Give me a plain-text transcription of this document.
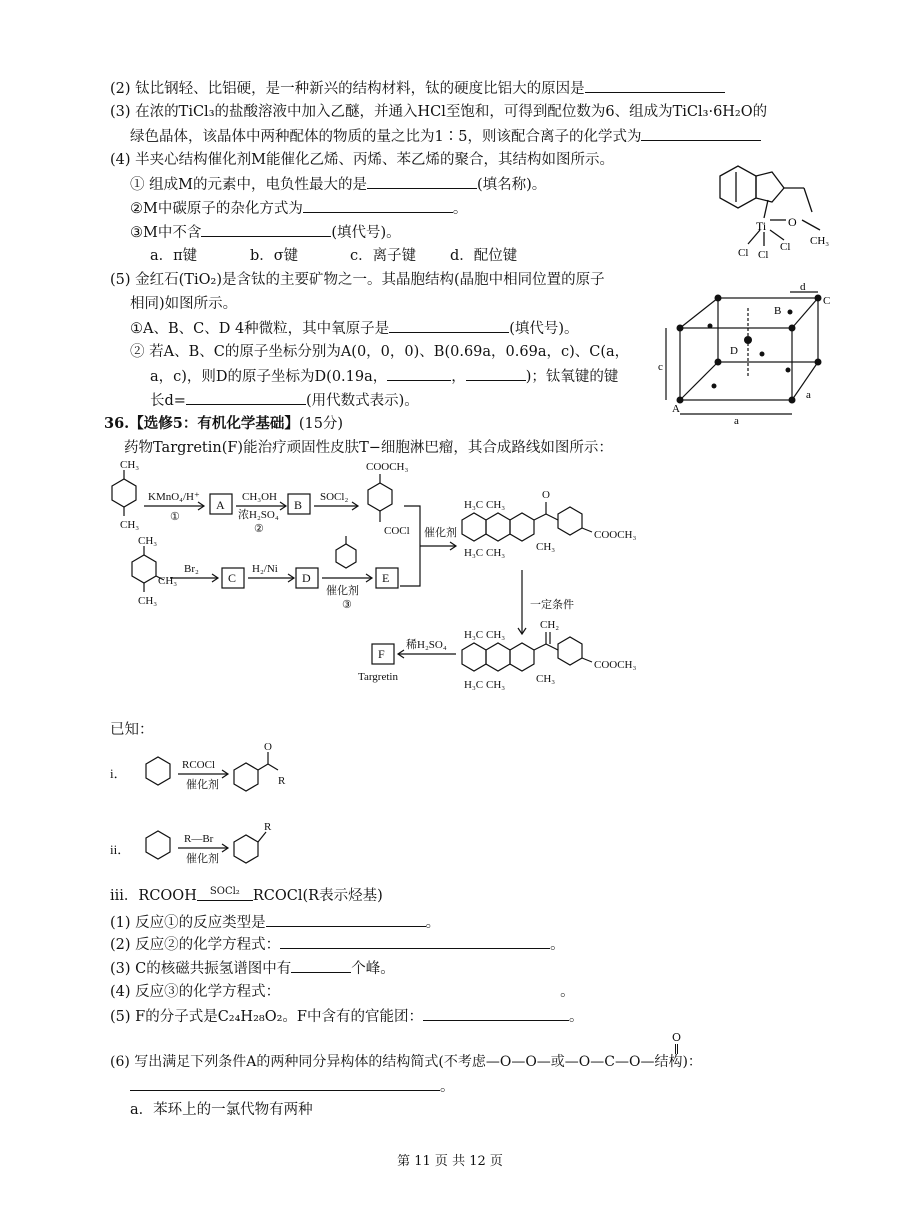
(2) 钛比钢轻、比铝硬，是一种新兴的结构材料，钛的硬度比铝大的原因是
(3) 在浓的TiCl₃的盐酸溶液中加入乙醚，并通入HCl至饱和，可得到配位数为6、组成为TiCl₃·6H₂O的
绿色晶体，该晶体中两种配体的物质的量之比为1∶5，则该配合离子的化学式为
(4) 半夹心结构催化剂M能催化乙烯、丙烯、苯乙烯的聚合，其结构如图所示。
① 组成M的元素中，电负性最大的是	(填名称)。
②M中碳原子的杂化方式为	。
③M中不含	(填代号)。
a．π键	b．σ键	c．离子键 d．配位键
(5) 金红石(TiO₂)是含钛的主要矿物之一。其晶胞结构(晶胞中相同位置的原子
相同)如图所示。
①A、B、C、D 4种微粒，其中氧原子是	(填代号)。
② 若A、B、C的原子坐标分别为A(0，0，0)、B(0.69a，0.69a，c)、C(a，
a，c)，则D的原子坐标为D(0.19a，	，	)；钛氧键的键
长d=	(用代数式表示)。
Ti O
Cl Cl
Cl CH₃
A
B
C
D
c
a
a
d
36.【选修5：有机化学基础】(15分)
药物Targretin(F)能治疗顽固性皮肤T−细胞淋巴瘤，其合成路线如图所示：
CH₃
CH₃
KMnO₄/H⁺
①
A
CH₃OH
浓H₂SO₄
②
B
SOCl₂
COOCH₃
COCl
CH₃
CH₃
CH₃
Br₂
C
H₂/Ni
D
催化剂
③
E
催化剂
一定条件
H₃C CH₃
H₃C CH₃
O
CH₃
COOCH₃
CH₂
H₃C CH₃
H₃C CH₃	CH₃
COOCH₃
稀H₂SO₄
F
Targretin
已知：
i．
RCOCl
催化剂
O
R
ii．
R—Br
催化剂
R
iii．RCOOH SOCl₂ RCOCl(R表示烃基)
(1) 反应①的反应类型是	。
(2) 反应②的化学方程式：	。
(3) C的核磁共振氢谱图中有	个峰。
(4) 反应③的化学方程式：	。
(5) F的分子式是C₂₄H₂₈O₂。F中含有的官能团：	。
O
(6) 写出满足下列条件A的两种同分异构体的结构简式(不考虑—O—O—或—O—C—O—结构)：
。
a．苯环上的一氯代物有两种
第 11 页 共 12 页
